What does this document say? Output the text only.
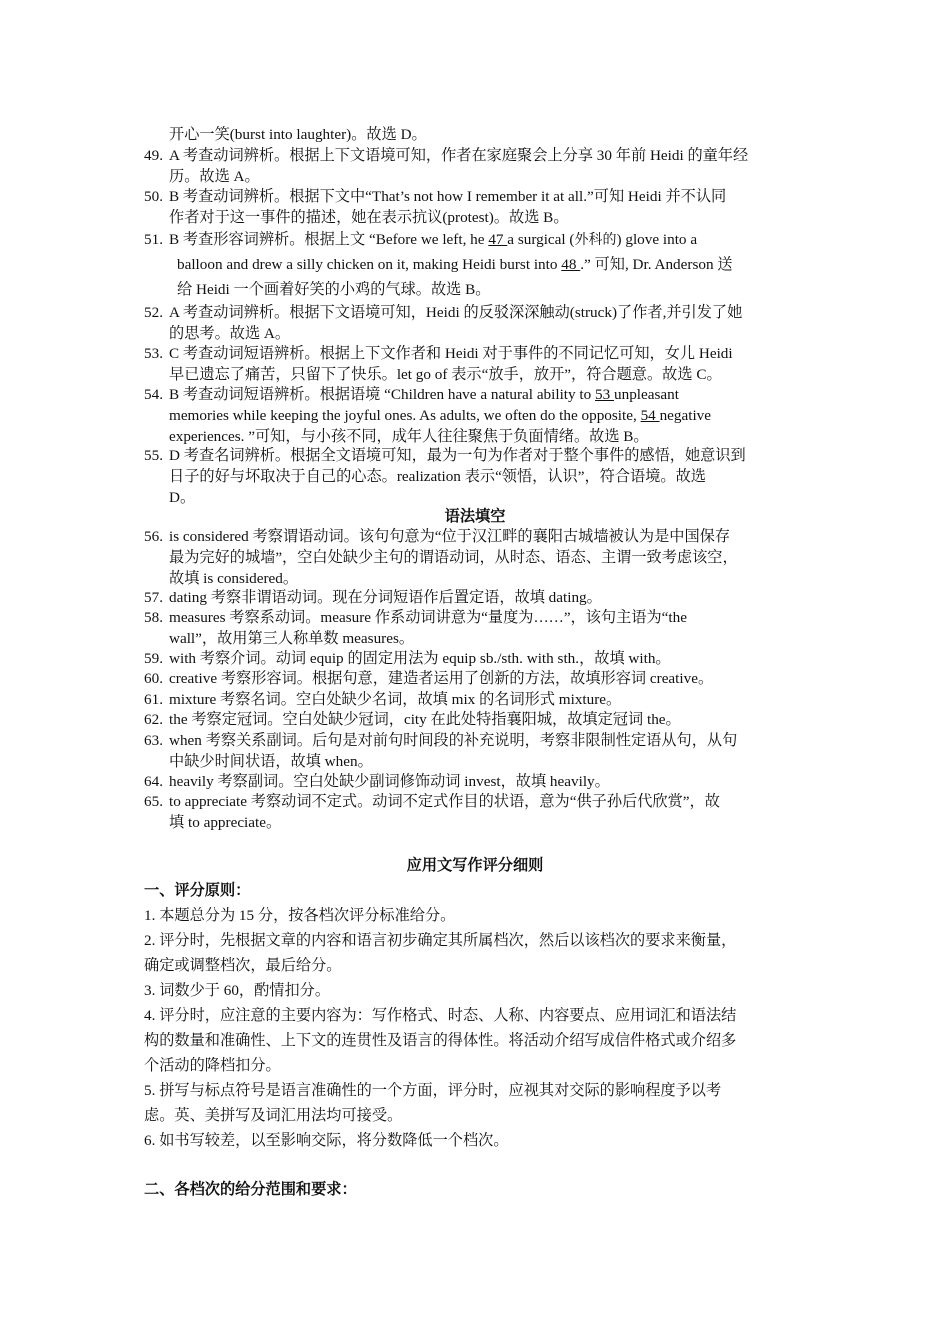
开心一笑(burst into laughter)。故选 D。
49. A 考查动词辨析。根据上下文语境可知，作者在家庭聚会上分享 30 年前 Heidi 的童年经
历。故选 A。
50. B 考查动词辨析。根据下文中“That’s not how I remember it at all.”可知 Heidi 并不认同
作者对于这一事件的描述，她在表示抗议(protest)。故选 B。
51. B 考查形容词辨析。根据上文 “Before we left, he 47 a surgical (外科的) glove into a
balloon and drew a silly chicken on it, making Heidi burst into 48 .” 可知, Dr. Anderson 送
给 Heidi 一个画着好笑的小鸡的气球。故选 B。
52. A 考查动词辨析。根据下文语境可知，Heidi 的反驳深深触动(struck)了作者,并引发了她
的思考。故选 A。
53. C 考查动词短语辨析。根据上下文作者和 Heidi 对于事件的不同记忆可知，女儿 Heidi
早已遗忘了痛苦，只留下了快乐。let go of 表示“放手，放开”，符合题意。故选 C。
54. B 考查动词短语辨析。根据语境 “Children have a natural ability to 53 unpleasant
memories while keeping the joyful ones. As adults, we often do the opposite, 54 negative
experiences. ”可知，与小孩不同，成年人往往聚焦于负面情绪。故选 B。
55. D 考查名词辨析。根据全文语境可知，最为一句为作者对于整个事件的感悟，她意识到
日子的好与坏取决于自己的心态。realization 表示“领悟，认识”，符合语境。故选
D。
语法填空
56. is considered 考察谓语动词。该句句意为“位于汉江畔的襄阳古城墙被认为是中国保存
最为完好的城墙”，空白处缺少主句的谓语动词，从时态、语态、主谓一致考虑该空，
故填 is considered。
57. dating 考察非谓语动词。现在分词短语作后置定语，故填 dating。
58. measures 考察系动词。measure 作系动词讲意为“量度为……”，该句主语为“the
wall”，故用第三人称单数 measures。
59. with 考察介词。动词 equip 的固定用法为 equip sb./sth. with sth.，故填 with。
60. creative 考察形容词。根据句意，建造者运用了创新的方法，故填形容词 creative。
61. mixture 考察名词。空白处缺少名词，故填 mix 的名词形式 mixture。
62. the 考察定冠词。空白处缺少冠词，city 在此处特指襄阳城，故填定冠词 the。
63. when 考察关系副词。后句是对前句时间段的补充说明，考察非限制性定语从句，从句
中缺少时间状语，故填 when。
64. heavily 考察副词。空白处缺少副词修饰动词 invest，故填 heavily。
65. to appreciate 考察动词不定式。动词不定式作目的状语，意为“供子孙后代欣赏”，故
填 to appreciate。
应用文写作评分细则
一、评分原则：
1. 本题总分为 15 分，按各档次评分标准给分。
2. 评分时，先根据文章的内容和语言初步确定其所属档次，然后以该档次的要求来衡量，
确定或调整档次，最后给分。
3. 词数少于 60，酌情扣分。
4. 评分时，应注意的主要内容为：写作格式、时态、人称、内容要点、应用词汇和语法结
构的数量和准确性、上下文的连贯性及语言的得体性。将活动介绍写成信件格式或介绍多
个活动的降档扣分。
5. 拼写与标点符号是语言准确性的一个方面，评分时，应视其对交际的影响程度予以考
虑。英、美拼写及词汇用法均可接受。
6. 如书写较差，以至影响交际，将分数降低一个档次。
二、各档次的给分范围和要求：
